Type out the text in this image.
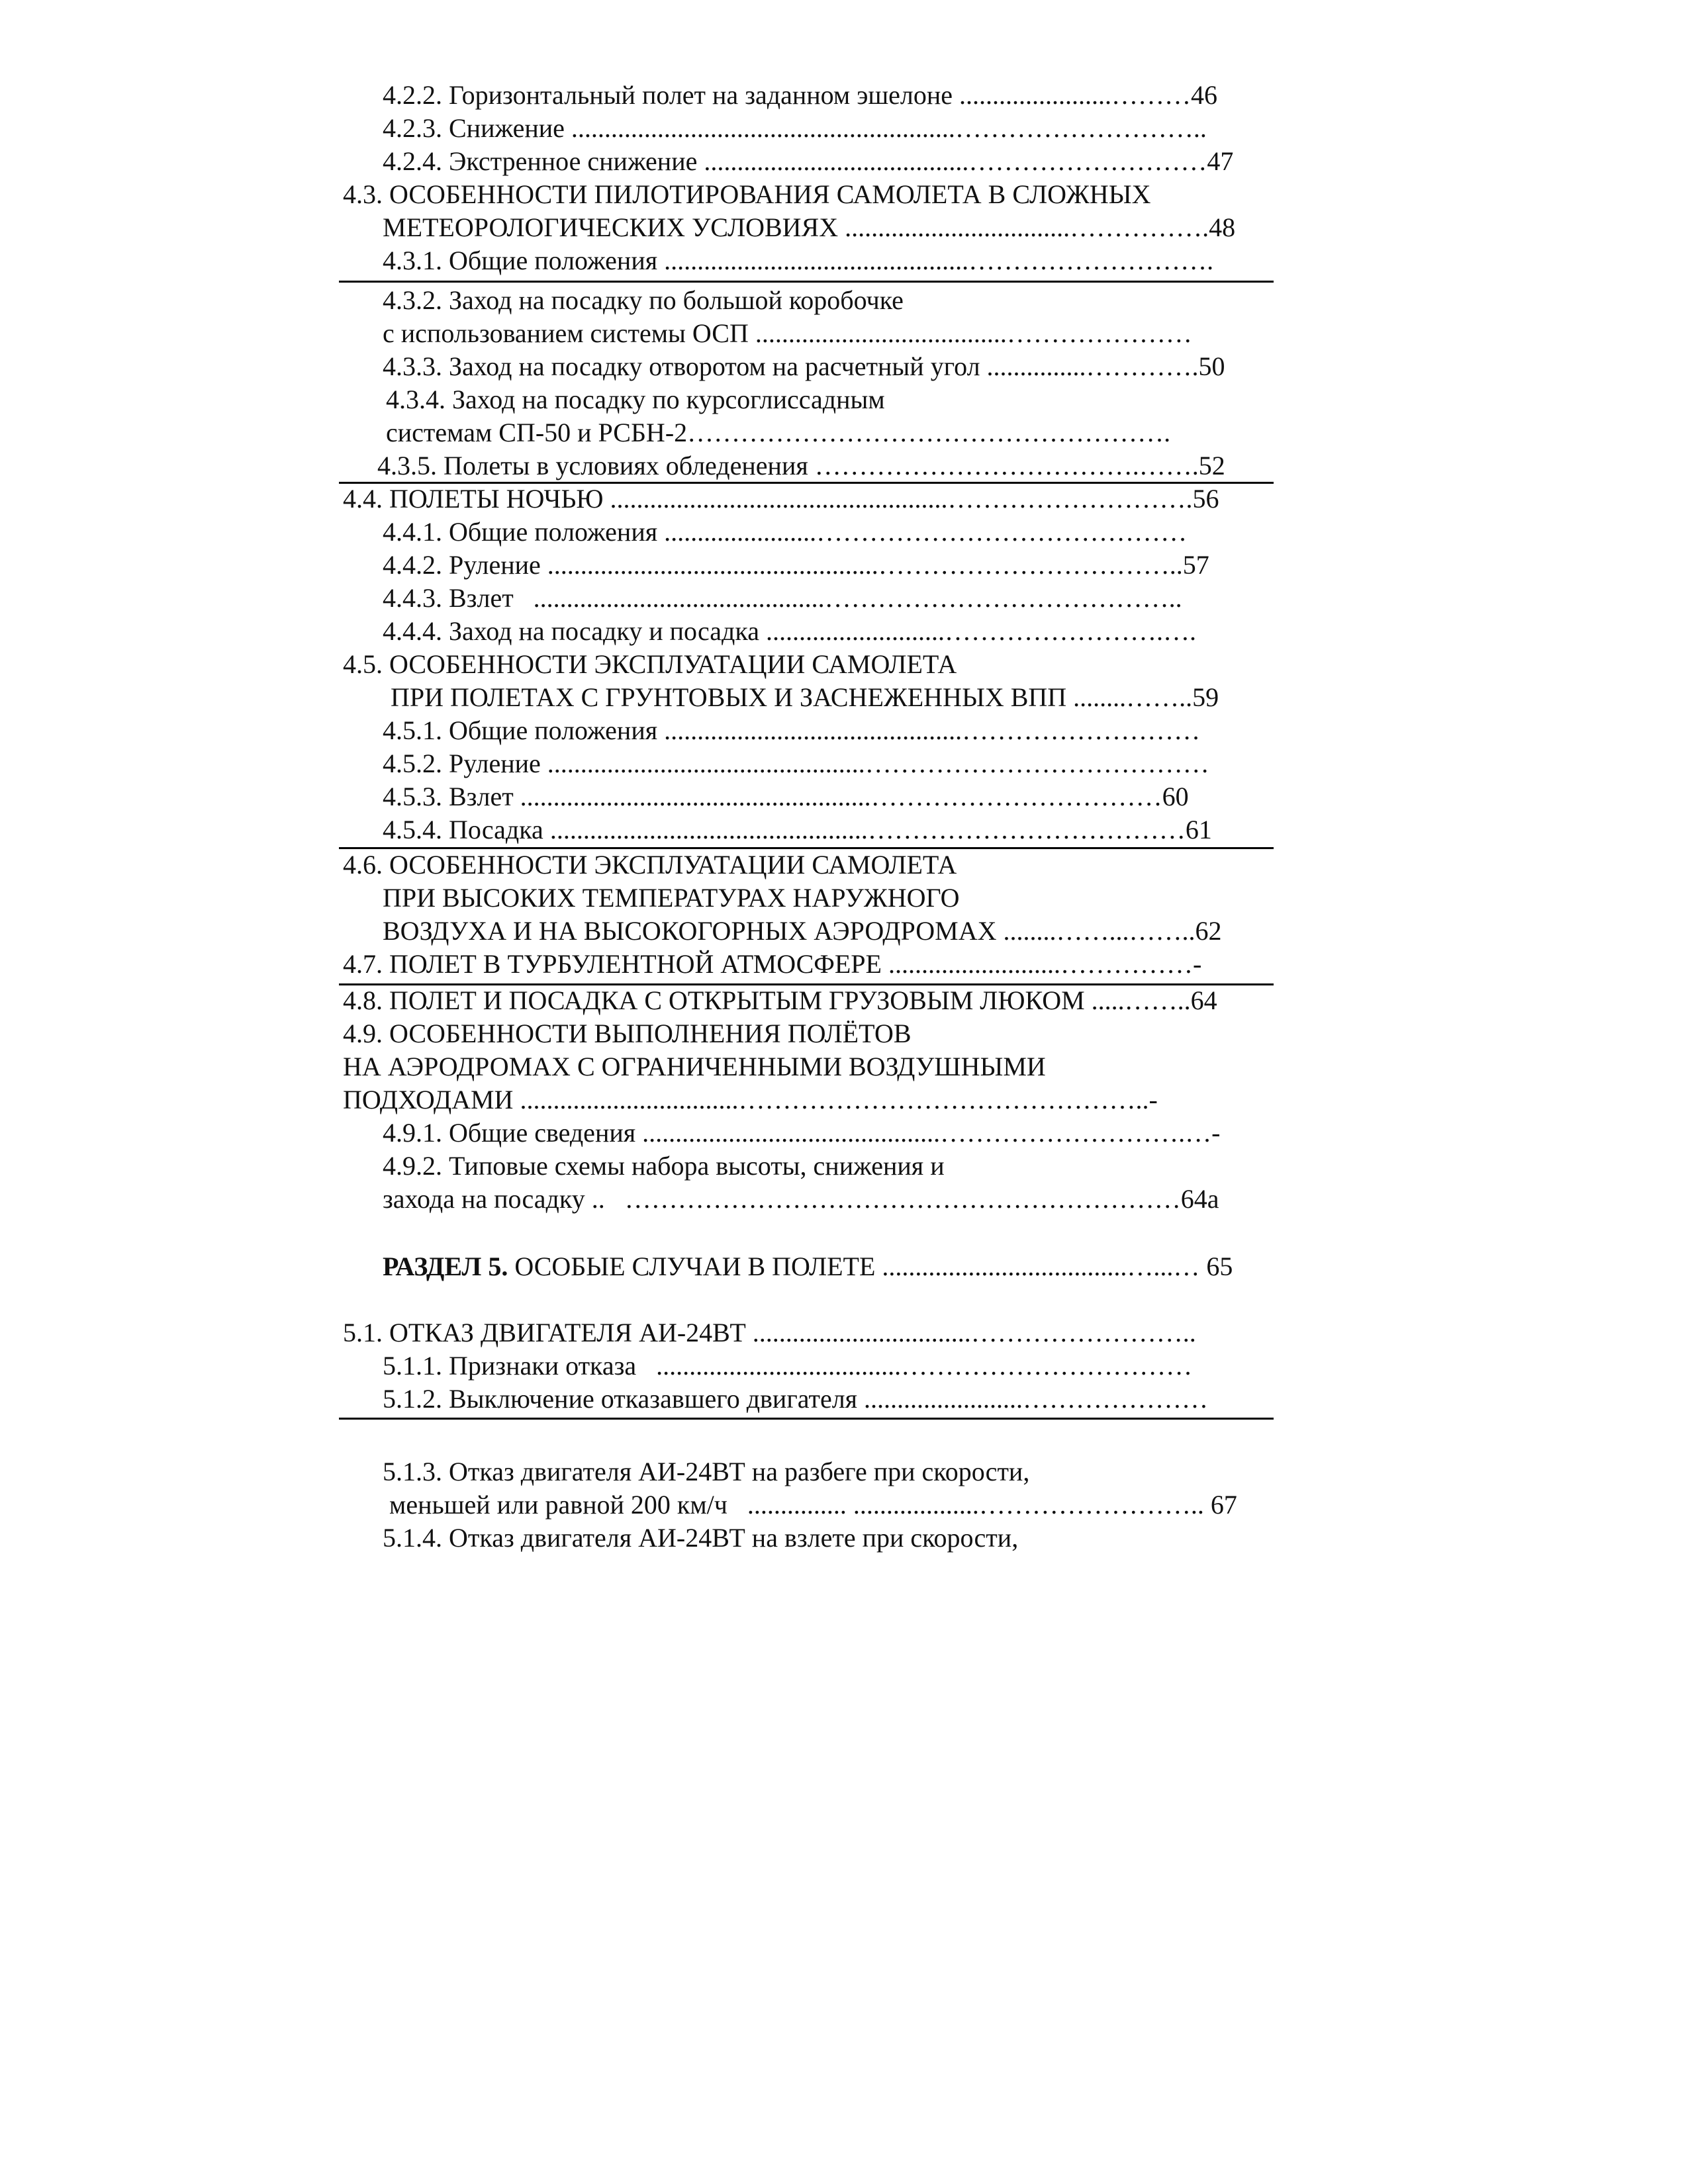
4.2.2. Горизонтальный полет на заданном эшелоне .......................………46
4.2.3. Снижение ..........................................................………………………..
4.2.4. Экстренное снижение ........................................………………………47
4.3. ОСОБЕННОСТИ ПИЛОТИРОВАНИЯ САМОЛЕТА В СЛОЖНЫХ
МЕТЕОРОЛОГИЧЕСКИХ УСЛОВИЯХ ..................................…………….48
4.3.1. Общие положения ..............................................……………………….
4.3.2. Заход на посадку по большой коробочке
с использованием системы ОСП ......................................…………………
4.3.3. Заход на посадку отворотом на расчетный угол ...............………….50
4.3.4. Заход на посадку по курсоглиссадным
системам СП-50 и РСБН-2……………………………………………….
4.3.5. Полеты в условиях обледенения ……………………………….…….52
4.4. ПОЛЕТЫ НОЧЬЮ ...................................................……………………….56
4.4.1. Общие положения .......................……………………………………
4.4.2. Руление ..................................................……………………………..57
4.4.3. Взлет   ............................................…………………………………..
4.4.4. Заход на посадку и посадка ...........................…………………….….
4.5. ОСОБЕННОСТИ ЭКСПЛУАТАЦИИ САМОЛЕТА
ПРИ ПОЛЕТАХ С ГРУНТОВЫХ И ЗАСНЕЖЕННЫХ ВПП ........……..59
4.5.1. Общие положения .............................................………………………
4.5.2. Руление ................................................…………………………………
4.5.3. Взлет .....................................................……………………………60
4.5.4. Посадка ................................................………………………………61
4.6. ОСОБЕННОСТИ ЭКСПЛУАТАЦИИ САМОЛЕТА
ПРИ ВЫСОКИХ ТЕМПЕРАТУРАХ НАРУЖНОГО
ВОЗДУХА И НА ВЫСОКОГОРНЫХ АЭРОДРОМАХ ........……...……..62
4.7. ПОЛЕТ В ТУРБУЛЕНТНОЙ АТМОСФЕРЕ ..........................……………-
4.8. ПОЛЕТ И ПОСАДКА С ОТКРЫТЫМ ГРУЗОВЫМ ЛЮКОМ .....……..64
4.9. ОСОБЕННОСТИ ВЫПОЛНЕНИЯ ПОЛЁТОВ
НА АЭРОДРОМАХ С ОГРАНИЧЕННЫМИ ВОЗДУШНЫМИ
ПОДХОДАМИ .................................………………………………………..-
4.9.1. Общие сведения .............................................……………………….…-
4.9.2. Типовые схемы набора высоты, снижения и
захода на посадку ..   ………………………………………………………64а
РАЗДЕЛ 5. ОСОБЫЕ СЛУЧАИ В ПОЛЕТЕ .....................................…...… 65
5.1. ОТКАЗ ДВИГАТЕЛЯ АИ-24ВТ .................................……………………..
5.1.1. Признаки отказа   .....................................……………………………
5.1.2. Выключение отказавшего двигателя ........................…………………
5.1.3. Отказ двигателя АИ-24ВТ на разбеге при скорости,
меньшей или равной 200 км/ч   ............... ...................…………………….. 67
5.1.4. Отказ двигателя АИ-24ВТ на взлете при скорости,
